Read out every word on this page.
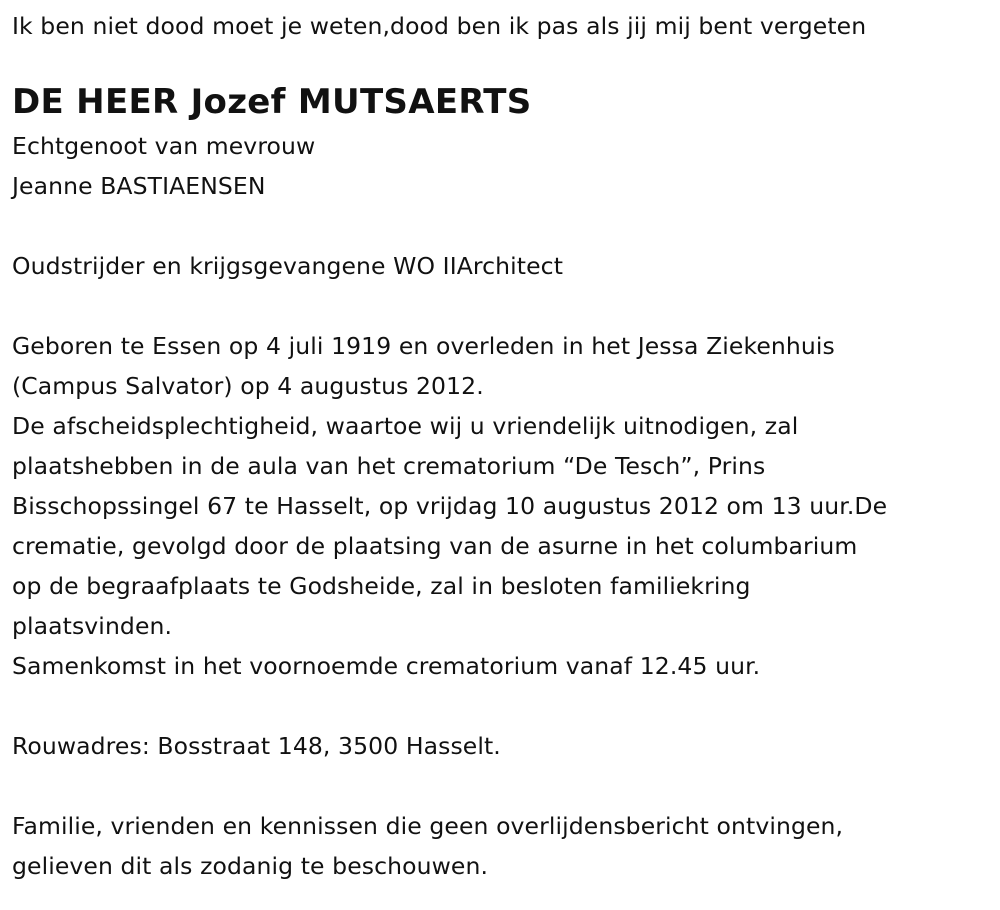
Ik ben niet dood moet je weten,dood ben ik pas als jij mij bent vergeten
DE HEER Jozef MUTSAERTS
Echtgenoot van mevrouw
Jeanne BASTIAENSEN
Oudstrijder en krijgsgevangene WO IIArchitect
Geboren te Essen op 4 juli 1919 en overleden in het Jessa Ziekenhuis
(Campus Salvator) op 4 augustus 2012.
De afscheidsplechtigheid, waartoe wij u vriendelijk uitnodigen, zal
plaatshebben in de aula van het crematorium “De Tesch”, Prins
Bisschopssingel 67 te Hasselt, op vrijdag 10 augustus 2012 om 13 uur.De
crematie, gevolgd door de plaatsing van de asurne in het columbarium
op de begraafplaats te Godsheide, zal in besloten familiekring
plaatsvinden.
Samenkomst in het voornoemde crematorium vanaf 12.45 uur.
Rouwadres: Bosstraat 148, 3500 Hasselt.
Familie, vrienden en kennissen die geen overlijdensbericht ontvingen,
gelieven dit als zodanig te beschouwen.
